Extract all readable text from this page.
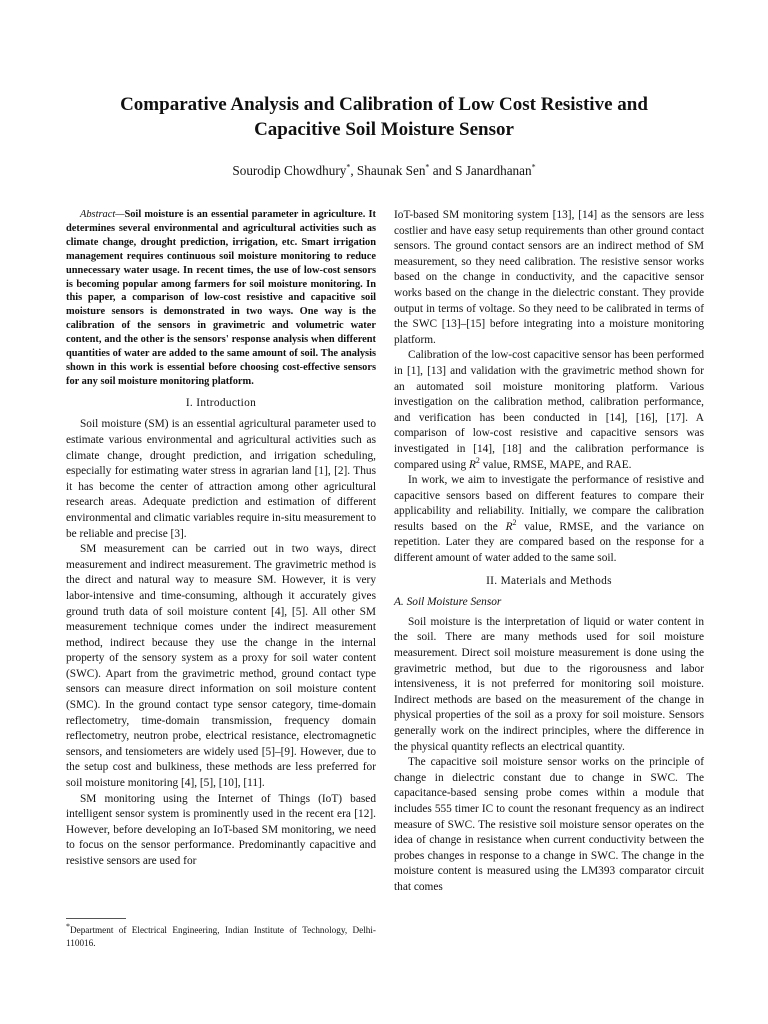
Comparative Analysis and Calibration of Low Cost Resistive and
Capacitive Soil Moisture Sensor
Sourodip Chowdhury*, Shaunak Sen* and S Janardhanan*

Abstract—Soil moisture is an essential parameter in agriculture. It determines several environmental and agricultural activities such as climate change, drought prediction, irrigation, etc. Smart irrigation management requires continuous soil moisture monitoring to reduce unnecessary water usage. In recent times, the use of low-cost sensors is becoming popular among farmers for soil moisture monitoring. In this paper, a comparison of low-cost resistive and capacitive soil moisture sensors is demonstrated in two ways. One way is the calibration of the sensors in gravimetric and volumetric water content, and the other is the sensors' response analysis when different quantities of water are added to the same amount of soil. The analysis shown in this work is essential before choosing cost-effective sensors for any soil moisture monitoring platform.

I. Introduction

Soil moisture (SM) is an essential agricultural parameter used to estimate various environmental and agricultural activities such as climate change, drought prediction, and irrigation scheduling, especially for estimating water stress in agrarian land [1], [2]. Thus it has become the center of attraction among other agricultural research areas. Adequate prediction and estimation of different environmental and climatic variables require in-situ measurement to be reliable and precise [3].

SM measurement can be carried out in two ways, direct measurement and indirect measurement. The gravimetric method is the direct and natural way to measure SM. However, it is very labor-intensive and time-consuming, although it accurately gives ground truth data of soil moisture content [4], [5]. All other SM measurement technique comes under the indirect measurement method, indirect because they use the change in the internal property of the sensory system as a proxy for soil water content (SWC). Apart from the gravimetric method, ground contact type sensors can measure direct information on soil moisture content (SMC). In the ground contact type sensor category, time-domain reflectometry, time-domain transmission, frequency domain reflectometry, neutron probe, electrical resistance, electromagnetic sensors, and tensiometers are widely used [5]–[9]. However, due to the setup cost and bulkiness, these methods are less preferred for soil moisture monitoring [4], [5], [10], [11].

SM monitoring using the Internet of Things (IoT) based intelligent sensor system is prominently used in the recent era [12]. However, before developing an IoT-based SM monitoring, we need to focus on the sensor performance. Predominantly capacitive and resistive sensors are used for

IoT-based SM monitoring system [13], [14] as the sensors are less costlier and have easy setup requirements than other ground contact sensors. The ground contact sensors are an indirect method of SM measurement, so they need calibration. The resistive sensor works based on the change in conductivity, and the capacitive sensor works based on the change in the dielectric constant. They provide output in terms of voltage. So they need to be calibrated in terms of the SWC [13]–[15] before integrating into a moisture monitoring platform.

Calibration of the low-cost capacitive sensor has been performed in [1], [13] and validation with the gravimetric method shown for an automated soil moisture monitoring platform. Various investigation on the calibration method, calibration performance, and verification has been conducted in [14], [16], [17]. A comparison of low-cost resistive and capacitive sensors was investigated in [14], [18] and the calibration performance is compared using $R^2$ value, RMSE, MAPE, and RAE.

In work, we aim to investigate the performance of resistive and capacitive sensors based on different features to compare their applicability and reliability. Initially, we compare the calibration results based on the $R^2$ value, RMSE, and the variance on repetition. Later they are compared based on the response for a different amount of water added to the same soil.

II. Materials and Methods
A. Soil Moisture Sensor

Soil moisture is the interpretation of liquid or water content in the soil. There are many methods used for soil moisture measurement. Direct soil moisture measurement is done using the gravimetric method, but due to the rigorousness and labor intensiveness, it is not preferred for monitoring soil moisture. Indirect methods are based on the measurement of the change in physical properties of the soil as a proxy for soil moisture. Sensors generally work on the indirect principles, where the difference in the physical quantity reflects an electrical quantity.

The capacitive soil moisture sensor works on the principle of change in dielectric constant due to change in SWC. The capacitance-based sensing probe comes within a module that includes 555 timer IC to count the resonant frequency as an indirect measure of SWC. The resistive soil moisture sensor operates on the idea of change in resistance when current conductivity between the probes changes in response to a change in SWC. The change in the moisture content is measured using the LM393 comparator circuit that comes

*Department of Electrical Engineering, Indian Institute of Technology, Delhi-110016.
